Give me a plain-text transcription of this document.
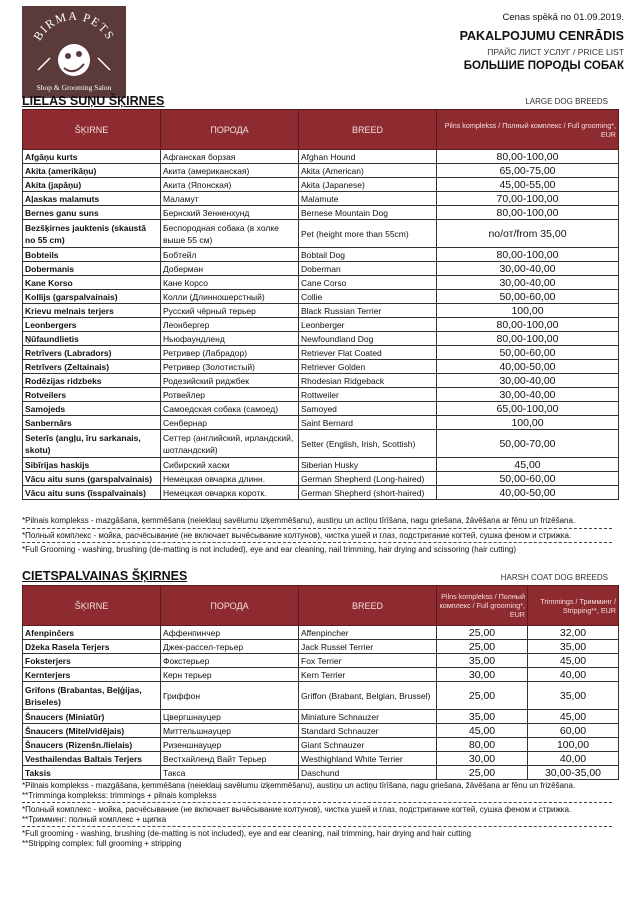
BIRMA PETS
Shop & Grooming Salon
Cenas spēkā no 01.09.2019.
PAKALPOJUMU CENRĀDIS
ПРАЙС ЛИСТ УСЛУГ / PRICE LIST
БОЛЬШИЕ ПОРОДЫ СОБАК
LIELAS SUŅU ŠĶIRNES	LARGE DOG BREEDS
ŠĶIRNE	ПОРОДА	BREED	Pilns komplekss / Полный комплекс / Full grooming*, EUR
Afgāņu kurts	Афганская борзая	Afghan Hound	80,00-100,00
Akita (amerikāņu)	Акита (американская)	Akita (American)	65,00-75,00
Akita (japāņu)	Акита (Японская)	Akita (Japanese)	45,00-55,00
Aļaskas malamuts	Маламут	Malamute	70,00-100,00
Bernes ganu suns	Бернский Зенненхунд	Bernese Mountain Dog	80,00-100,00
Bezšķirnes jauktenis (skaustā no 55 cm)	Беспородная собака (в холке выше 55 см)	Pet (height more than 55cm)	no/от/from 35,00
Bobteils	Бобтейл	Bobtail Dog	80,00-100,00
Dobermanis	Доберман	Doberman	30,00-40,00
Kane Korso	Кане Корсо	Cane Corso	30,00-40,00
Kollijs (garspalvainais)	Колли (Длинношерстный)	Collie	50,00-60,00
Krievu melnais terjers	Русский чёрный терьер	Black Russian Terrier	100,00
Leonbergers	Леонбергер	Leonberger	80,00-100,00
Ņūfaundlietis	Ньюфаундленд	Newfoundland Dog	80,00-100,00
Retrīvers (Labradors)	Ретривер (Лабрадор)	Retriever Flat Coated	50,00-60,00
Retrīvers (Zeltainais)	Ретривер (Золотистый)	Retriever Golden	40,00-50,00
Rodēzijas ridzbeks	Родезийский риджбек	Rhodesian Ridgeback	30,00-40,00
Rotveilers	Ротвейлер	Rottweiler	30,00-40,00
Samojeds	Самоедская собака (самоед)	Samoyed	65,00-100,00
Sanbernārs	Сенбернар	Saint Bernard	100,00
Seterīs (angļu, īru sarkanais, skotu)	Сеттер (английский, ирландский, шотландский)	Setter (English, Irish, Scottish)	50,00-70,00
Sibīrijas haskijs	Сибирский хаски	Siberian Husky	45,00
Vācu aitu suns (garspalvainais)	Немецкая овчарка длинн.	German Shepherd (Long-haired)	50,00-60,00
Vācu aitu suns (īsspalvainais)	Немецкая овчарка коротк.	German Shepherd (short-haired)	40,00-50,00
*Pilnais komplekss - mazgāšana, ķemmēšana (neieklauj savēlumu izķemmēšanu), austiņu un actiņu tīrīšana, nagu griešana, žāvēšana ar fēnu un frizēšana.
*Полный комплекс - мойка, расчёсывание (не включает вычёсывание колтунов), чистка ушей и глаз, подстригание когтей, сушка феном и стрижка.
*Full Grooming - washing, brushing (de-matting is not included), eye and ear cleaning, nail trimming, hair drying and scissoring (hair cutting)
CIETSPALVAINAS ŠĶIRNES	HARSH COAT DOG BREEDS
ŠĶIRNE	ПОРОДА	BREED	Pilns komplekss / Полный комплекс / Full grooming*, EUR	Trimmings / Тримминг / Stripping**, EUR
Afenpinčers	Аффенпинчер	Affenpincher	25,00	32,00
Džeka Rasela Terjers	Джек-рассел-терьер	Jack Russel Terrier	25,00	35,00
Foksterjers	Фокстерьер	Fox Terrier	35,00	45,00
Kernterjers	Керн терьер	Kern Terrier	30,00	40,00
Grifons (Brabantas, Beļģijas, Briseles)	Гриффон	Griffon (Brabant, Belgian, Brussel)	25,00	35,00
Šnaucers (Miniatūr)	Цвергшнауцер	Miniature Schnauzer	35,00	45,00
Šnaucers (Mitel/vidējais)	Миттельшнауцер	Standard Schnauzer	45,00	60,00
Šnaucers (Rizenšn./lielais)	Ризеншнауцер	Giant Schnauzer	80,00	100,00
Vesthailendas Baltais Terjers	Вестхайленд Вайт Терьер	Westhighland White Terrier	30,00	40,00
Taksis	Такса	Daschund	25,00	30,00-35,00
*Pilnais komplekss - mazgāšana, ķemmēšana (neieklauj savēlumu izķemmēšanu), austiņu un actiņu tīrīšana, nagu griešana, žāvēšana ar fēnu un frizēšana.
**Trimminga komplekss: trimmings + pilnais komplekss
*Полный комплекс - мойка, расчёсывание (не включает вычёсывание колтунов), чистка ушей и глаз, подстригание когтей, сушка феном и стрижка.
**Тримминг: полный комплекс + щипка
*Full grooming - washing, brushing (de-matting is not included), eye and ear cleaning, nail trimming, hair drying and hair cutting
**Stripping complex: full grooming + stripping
